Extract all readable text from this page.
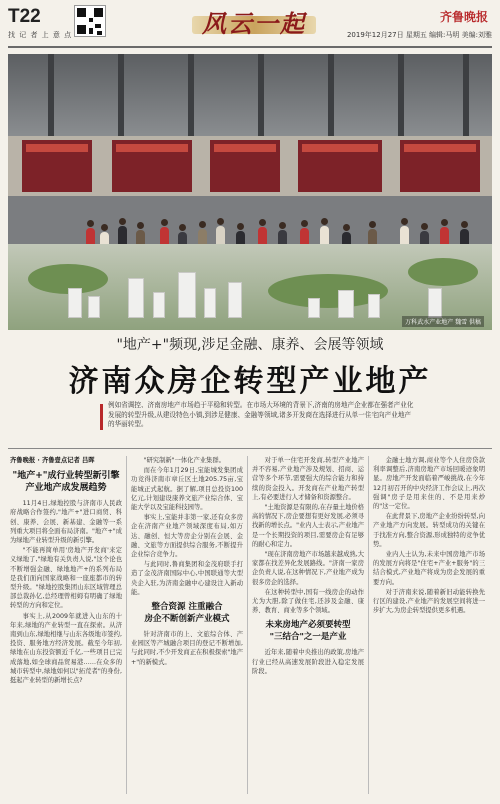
T22
找 记 者 上 意 点	风云一起	齐鲁晚报
2019年12月27日 星期五 编辑:马明 美编:刘雅
万科武水产业地产 魏雪 供稿
"地产+"频现,涉足金融、康养、会展等领域
济南众房企转型产业地产
例如省调控、济南房地产市场趋于平稳和转型。在市场大环境的背景下,济南的房地产企业都在强者产业化发展的转型升级,从建设特色小镇,到涉足健康、金融等领域,诸多开发商在选择进行从单一住宅向产业地产的华丽转型。
齐鲁晚报 · 齐鲁壹点记者 吕晖
"地产+"成行业转型新引擎
产业地产成发展趋势

11月4日,绿地控股与济南市人民政府战略合作签约,"地产+"进口商贸、科创、康养、会展、新基建、金融等一系列重大项目将全面布局济南。"地产+"成为绿地产业转型升级的新引擎。

"不能再简单用'房地产开发商'来定义绿地了,"绿地有关负责人说,"这个论也不断增强金融、绿地地产+的系列布局是我们面向国家战略和一座座都市的转型升级。"绿地控股集团山东区域管理总部总裁孙亿,总经理曾相姆有明确了绿地转型的方向和定位。

事实上,从2009年就进入山东的十年来,绿地的产业转型一直在探索。从济南到山东,绿地相继与山东各级地市签约,投资、服务地方经济发展。截至今年初,绿地在山东投资额近千亿,一些项目已完成落地,如全球商品贸易港……在众多的城市转型中,绿地如何以"拓荒者"的身份,挺起产业转型的新增长点?

"研究制新"一体化产业集群。

而在今年1月29日,宝能城发集团成功竞得济南市章丘区土地205.75亩,宝能城正式起航。据了解,项目总投资100亿元,计划建设康养文旅产业综合体、宝能大学以及宝能科技园等。

事实上,宝能并非第一家,还有众多房企在济南产业地产领域深度布局,如万达、融创、恒大等房企分别在会展、金融、文旅等方面提供综合服务,不断提升企业综合竞争力。

与此同时,鲁商集团和金茂府联手打造了金茂济南国际中心,中国联通等大型央企入驻,为济南金融中心建设注入新动能。

整合资源 注重融合
房企不断创新产业模式

针对济南市的上、文旅综合体、产业园区等产城融合项目的登记不断增加,与此同时,不少开发商正在积极探索"地产+"的新模式。

对于单一住宅开发商,转型产业地产并不容易,产业地产涉及规划、招商、运营等多个环节,需要强大的综合能力和持续的资金投入。开发商在产业地产转型上,有必要进行人才储备和资源整合。

"土地资源是有限的,在存量土地价格高的情况下,房企要想有更好发展,必须寻找新的增长点。"业内人士表示,产业地产是一个长期投资的项目,需要房企有足够的耐心和定力。

"现在济南房地产市场越来越成熟,大家都在找差异化发展路线。"济南一家房企负责人说,在这种情况下,产业地产成为很多房企的选择。

在这种转型中,国有一线房企的动作尤为大胆,除了做住宅,还涉及金融、康养、教育、商业等多个领域。

未来房地产必须要转型
"三结合"之一是产业

近年来,随着中央推出的政策,房地产行业已经从高速发展阶段进入稳定发展阶段。

金融士地方调,商业等个人住房贷款利率调整后,济南房地产市场回暖迹象明显。房地产开发面临着严峻挑战,在今年12月初召开的中央经济工作会议上,再次强调"房子是用来住的、不是用来炒的"这一定位。

在此背景下,房地产企业纷纷转型,向产业地产方向发展。转型成功的关键在于找准方向,整合资源,形成独特的竞争优势。

业内人士认为,未来中国房地产市场的发展方向将是"住宅+产业+服务"的三结合模式,产业地产将成为房企发展的重要方向。

对于济南来说,随着新旧动能转换先行区的建设,产业地产的发展空间将进一步扩大,为房企转型提供更多机遇。
